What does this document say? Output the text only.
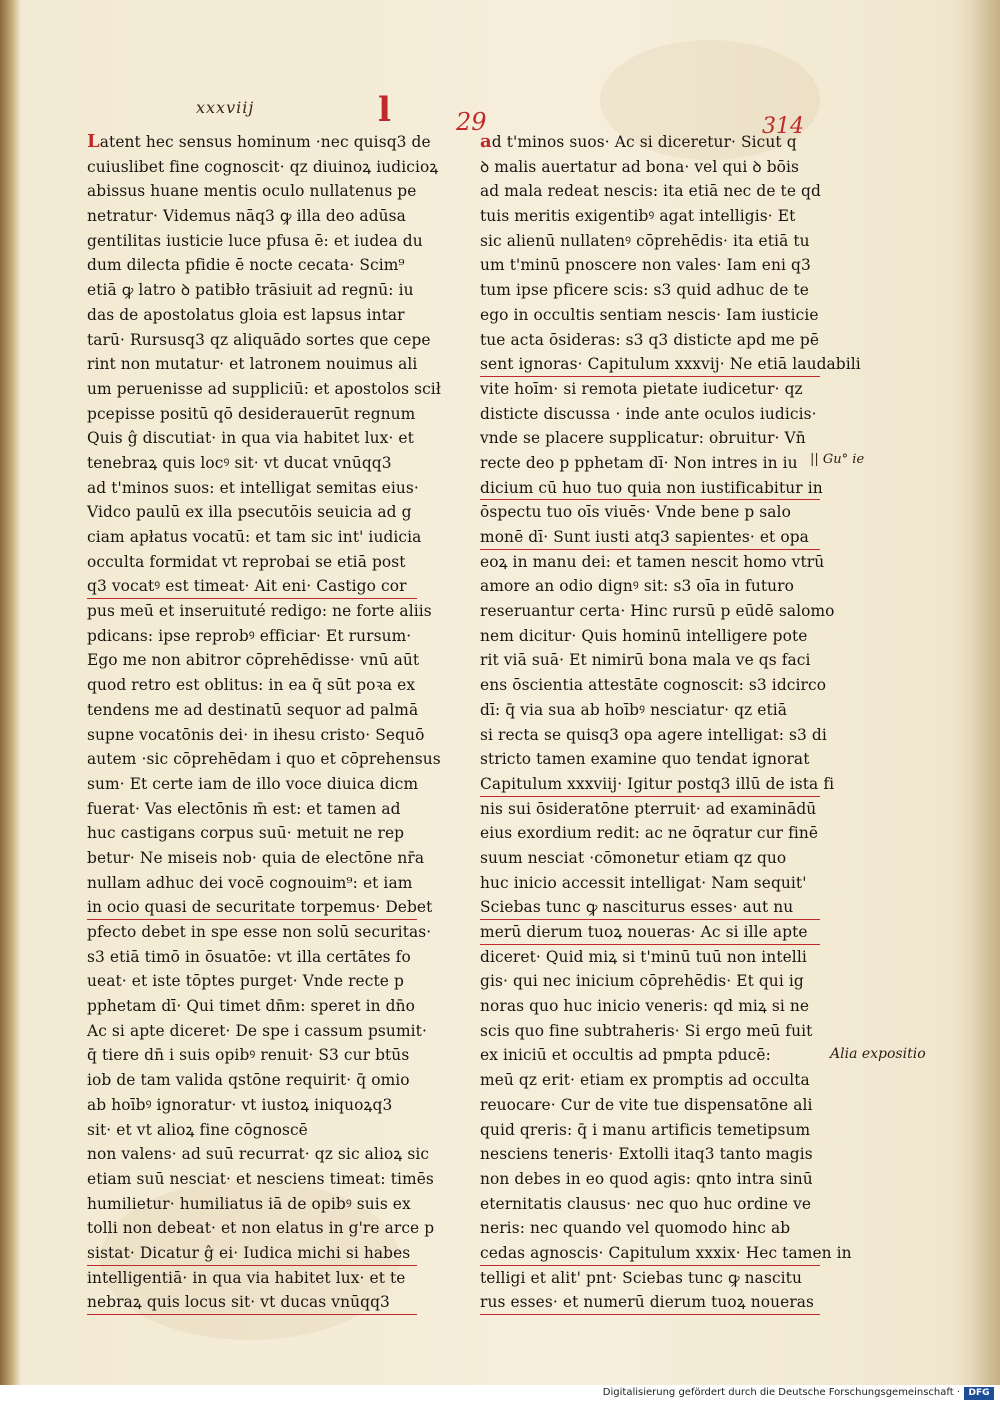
xxxviij	l	29	314
Latent hec sensus hominum ·nec quisq3 de
cuiuslibet fine cognoscit· qz diuinoꝝ iudicioꝝ
abissus huane mentis oculo nullatenus pe
netratur· Videmus nāq3 ꝙ illa deo adūsa
gentilitas iusticie luce pfusa ē: et iudea du
dum dilecta pfidie ē nocte cecata· Scim⁹
etiā ꝙ latro ꝺ patibło trāsiuit ad regnū: iu
das de apostolatus gloia est lapsus intar
tarū· Rursusq3 qz aliquādo sortes que cepe
rint non mutatur· et latronem nouimus ali
um peruenisse ad suppliciū: et apostolos scił
pcepisse positū qō desiderauerūt regnum
Quis ĝ discutiat· in qua via habitet lux· et
tenebraꝝ quis locꝰ sit· vt ducat vnūqq3
ad t'minos suos: et intelligat semitas eius·
Vidco paulū ex illa psecutōis seuicia ad g
ciam apłatus vocatū: et tam sic int' iudicia
occulta formidat vt reprobai se etiā post
q3 vocatꝰ est timeat· Ait eni· Castigo cor
pus meū et inseruituté redigo: ne forte aliis
pdicans: ipse reprobꝰ efficiar· Et rursum·
Ego me non abitror cōprehēdisse· vnū aūt
quod retro est oblitus: in ea q̄ sūt poꝛa ex
tendens me ad destinatū sequor ad palmā
supne vocatōnis dei· in ihesu cristo· Sequō
autem ·sic cōprehēdam i quo et cōprehensus
sum· Et certe iam de illo voce diuica dicm
fuerat· Vas electōnis m̄ est: et tamen ad
huc castigans corpus suū· metuit ne rep
betur· Ne miseis nob· quia de electōne nr̄a
nullam adhuc dei vocē cognouim⁹: et iam
in ocio quasi de securitate torpemus· Debet
pfecto debet in spe esse non solū securitas·
s3 etiā timō in ōsuatōe: vt illa certātes fo
ueat· et iste tōptes purget· Vnde recte p
pphetam dī· Qui timet dn̄m: speret in dn̄o
Ac si apte diceret· De spe i cassum psumit·
q̄ tiere dn̄ i suis opibꝰ renuit· S3 cur btūs
iob de tam valida qstōne requirit· q̄ omio
ab hoībꝰ ignoratur· vt iustoꝝ iniquoꝝq3
sit· et vt alioꝝ fine cōgnoscē
non valens· ad suū recurrat· qz sic alioꝝ sic
etiam suū nesciat· et nesciens timeat: timēs
humilietur· humiliatus iā de opibꝰ suis ex
tolli non debeat· et non elatus in g're arce p
sistat· Dicatur ĝ ei· Iudica michi si habes
intelligentiā· in qua via habitet lux· et te
nebraꝝ quis locus sit· vt ducas vnūqq3
ad t'minos suos· Ac si diceretur· Sicut q
ꝺ malis auertatur ad bona· vel qui ꝺ bōis
ad mala redeat nescis: ita etiā nec de te qd
tuis meritis exigentibꝰ agat intelligis· Et
sic alienū nullatenꝰ cōprehēdis· ita etiā tu
um t'minū pnoscere non vales· Iam eni q3
tum ipse pficere scis: s3 quid adhuc de te
ego in occultis sentiam nescis· Iam iusticie
tue acta ōsideras: s3 q3 disticte apd me pē
sent ignoras· Capitulum xxxvij· Ne etiā laudabili
vite hoīm· si remota pietate iudicetur· qz
disticte discussa · inde ante oculos iudicis·
vnde se placere supplicatur: obruitur· Vn̄
recte deo p pphetam dī· Non intres in iu
dicium cū huo tuo quia non iustificabitur in
ōspectu tuo oīs viuēs· Vnde bene p salo
monē dī· Sunt iusti atq3 sapientes· et opa
eoꝝ in manu dei: et tamen nescit homo vtrū
amore an odio dignꝰ sit: s3 oīa in futuro
reseruantur certa· Hinc rursū p eūdē salomo
nem dicitur· Quis hominū intelligere pote
rit viā suā· Et nimirū bona mala ve qs faci
ens ōscientia attestāte cognoscit: s3 idcirco
dī: q̄ via sua ab hoībꝰ nesciatur· qz etiā
si recta se quisq3 opa agere intelligat: s3 di
stricto tamen examine quo tendat ignorat
Capitulum xxxviij· Igitur postq3 illū de ista fi
nis sui ōsideratōne pterruit· ad examinādū
eius exordium redit: ac ne ōqratur cur finē
suum nesciat ·cōmonetur etiam qz quo
huc inicio accessit intelligat· Nam sequit'
Sciebas tunc ꝙ nasciturus esses· aut nu
merū dierum tuoꝝ noueras· Ac si ille apte
diceret· Quid miꝝ si t'minū tuū non intelli
gis· qui nec inicium cōprehēdis· Et qui ig
noras quo huc inicio veneris: qd miꝝ si ne
scis quo fine subtraheris· Si ergo meū fuit
ex iniciū et occultis ad pmpta pducē:
meū qz erit· etiam ex promptis ad occulta
reuocare· Cur de vite tue dispensatōne ali
quid qreris: q̄ i manu artificis temetipsum
nesciens teneris· Extolli itaq3 tanto magis
non debes in eo quod agis: qnto intra sinū
eternitatis clausus· nec quo huc ordine ve
neris: nec quando vel quomodo hinc ab
cedas agnoscis· Capitulum xxxix· Hec tamen in
telligi et alit' pnt· Sciebas tunc ꝙ nascitu
rus esses· et numerū dierum tuoꝝ noueras
|| Gu° ie
Alia expositio
Digitalisierung gefördert durch die Deutsche Forschungsgemeinschaft · DFG
